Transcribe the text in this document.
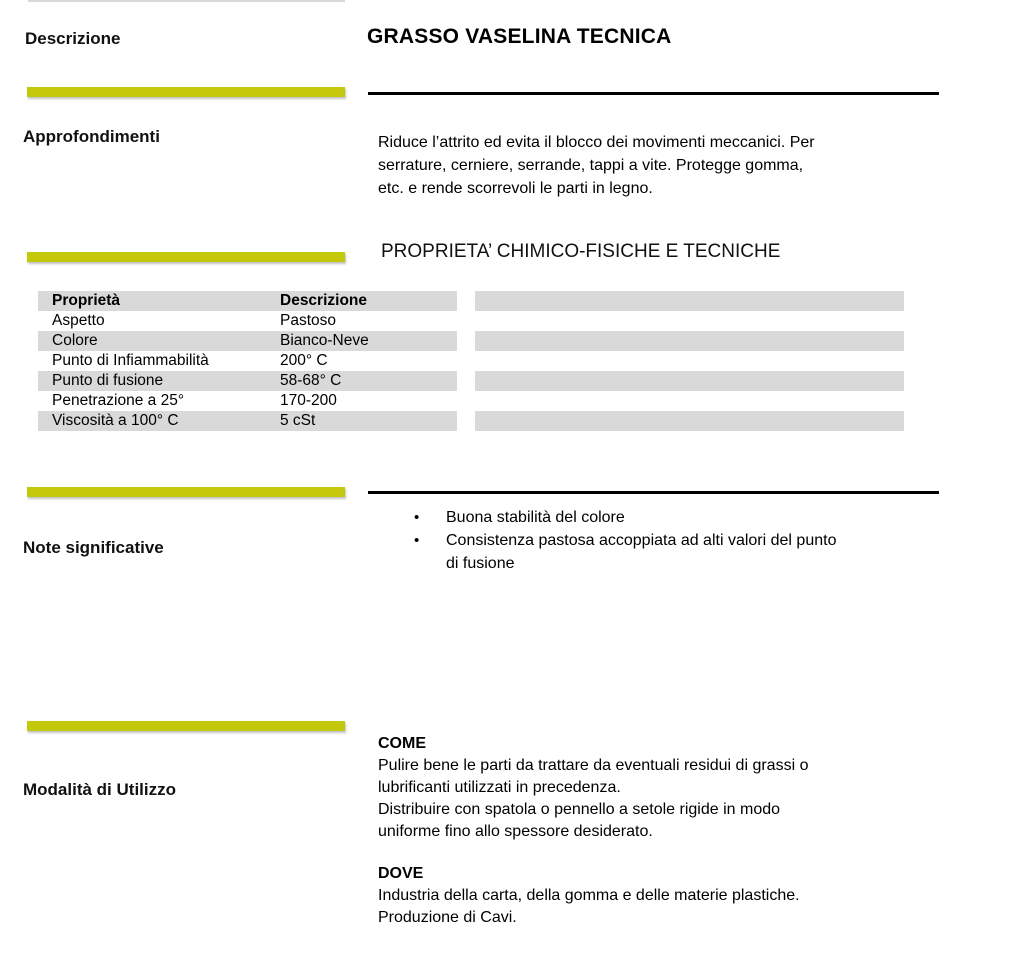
Descrizione	GRASSO VASELINA TECNICA
Approfondimenti	Riduce l’attrito ed evita il blocco dei movimenti meccanici. Per
serrature, cerniere, serrande, tappi a vite. Protegge gomma,
etc. e rende scorrevoli le parti in legno.
PROPRIETA’ CHIMICO-FISICHE E TECNICHE
Proprietà	Descrizione
Aspetto	Pastoso
Colore	Bianco-Neve
Punto di Infiammabilità	200° C
Punto di fusione	58-68° C
Penetrazione a 25°	170-200
Viscosità a 100° C	5 cSt
Note significative
•	Buona stabilità del colore
•	Consistenza pastosa accoppiata ad alti valori del punto
di fusione
Modalità di Utilizzo
COME
Pulire bene le parti da trattare da eventuali residui di grassi o
lubrificanti utilizzati in precedenza.
Distribuire con spatola o pennello a setole rigide in modo
uniforme fino allo spessore desiderato.
DOVE
Industria della carta, della gomma e delle materie plastiche.
Produzione di Cavi.
